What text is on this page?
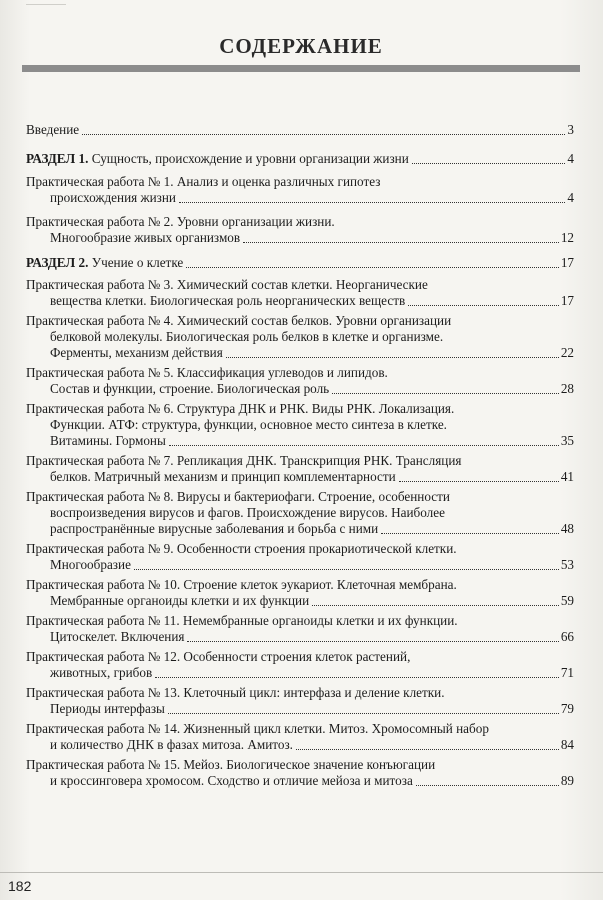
СОДЕРЖАНИЕ
Введение	3
РАЗДЕЛ 1. Сущность, происхождение и уровни организации жизни	4
Практическая работа № 1. Анализ и оценка различных гипотез
происхождения жизни	4
Практическая работа № 2. Уровни организации жизни.
Многообразие живых организмов	12
РАЗДЕЛ 2. Учение о клетке	17
Практическая работа № 3. Химический состав клетки. Неорганические
вещества клетки. Биологическая роль неорганических веществ	17
Практическая работа № 4. Химический состав белков. Уровни организации
белковой молекулы. Биологическая роль белков в клетке и организме.
Ферменты, механизм действия	22
Практическая работа № 5. Классификация углеводов и липидов.
Состав и функции, строение. Биологическая роль	28
Практическая работа № 6. Структура ДНК и РНК. Виды РНК. Локализация.
Функции. АТФ: структура, функции, основное место синтеза в клетке.
Витамины. Гормоны	35
Практическая работа № 7. Репликация ДНК. Транскрипция РНК. Трансляция
белков. Матричный механизм и принцип комплементарности	41
Практическая работа № 8. Вирусы и бактериофаги. Строение, особенности
воспроизведения вирусов и фагов. Происхождение вирусов. Наиболее
распространённые вирусные заболевания и борьба с ними	48
Практическая работа № 9. Особенности строения прокариотической клетки.
Многообразие	53
Практическая работа № 10. Строение клеток эукариот. Клеточная мембрана.
Мембранные органоиды клетки и их функции	59
Практическая работа № 11. Немембранные органоиды клетки и их функции.
Цитоскелет. Включения	66
Практическая работа № 12. Особенности строения клеток растений,
животных, грибов	71
Практическая работа № 13. Клеточный цикл: интерфаза и деление клетки.
Периоды интерфазы	79
Практическая работа № 14. Жизненный цикл клетки. Митоз. Хромосомный набор
и количество ДНК в фазах митоза. Амитоз.	84
Практическая работа № 15. Мейоз. Биологическое значение конъюгации
и кроссинговера хромосом. Сходство и отличие мейоза и митоза	89
182
